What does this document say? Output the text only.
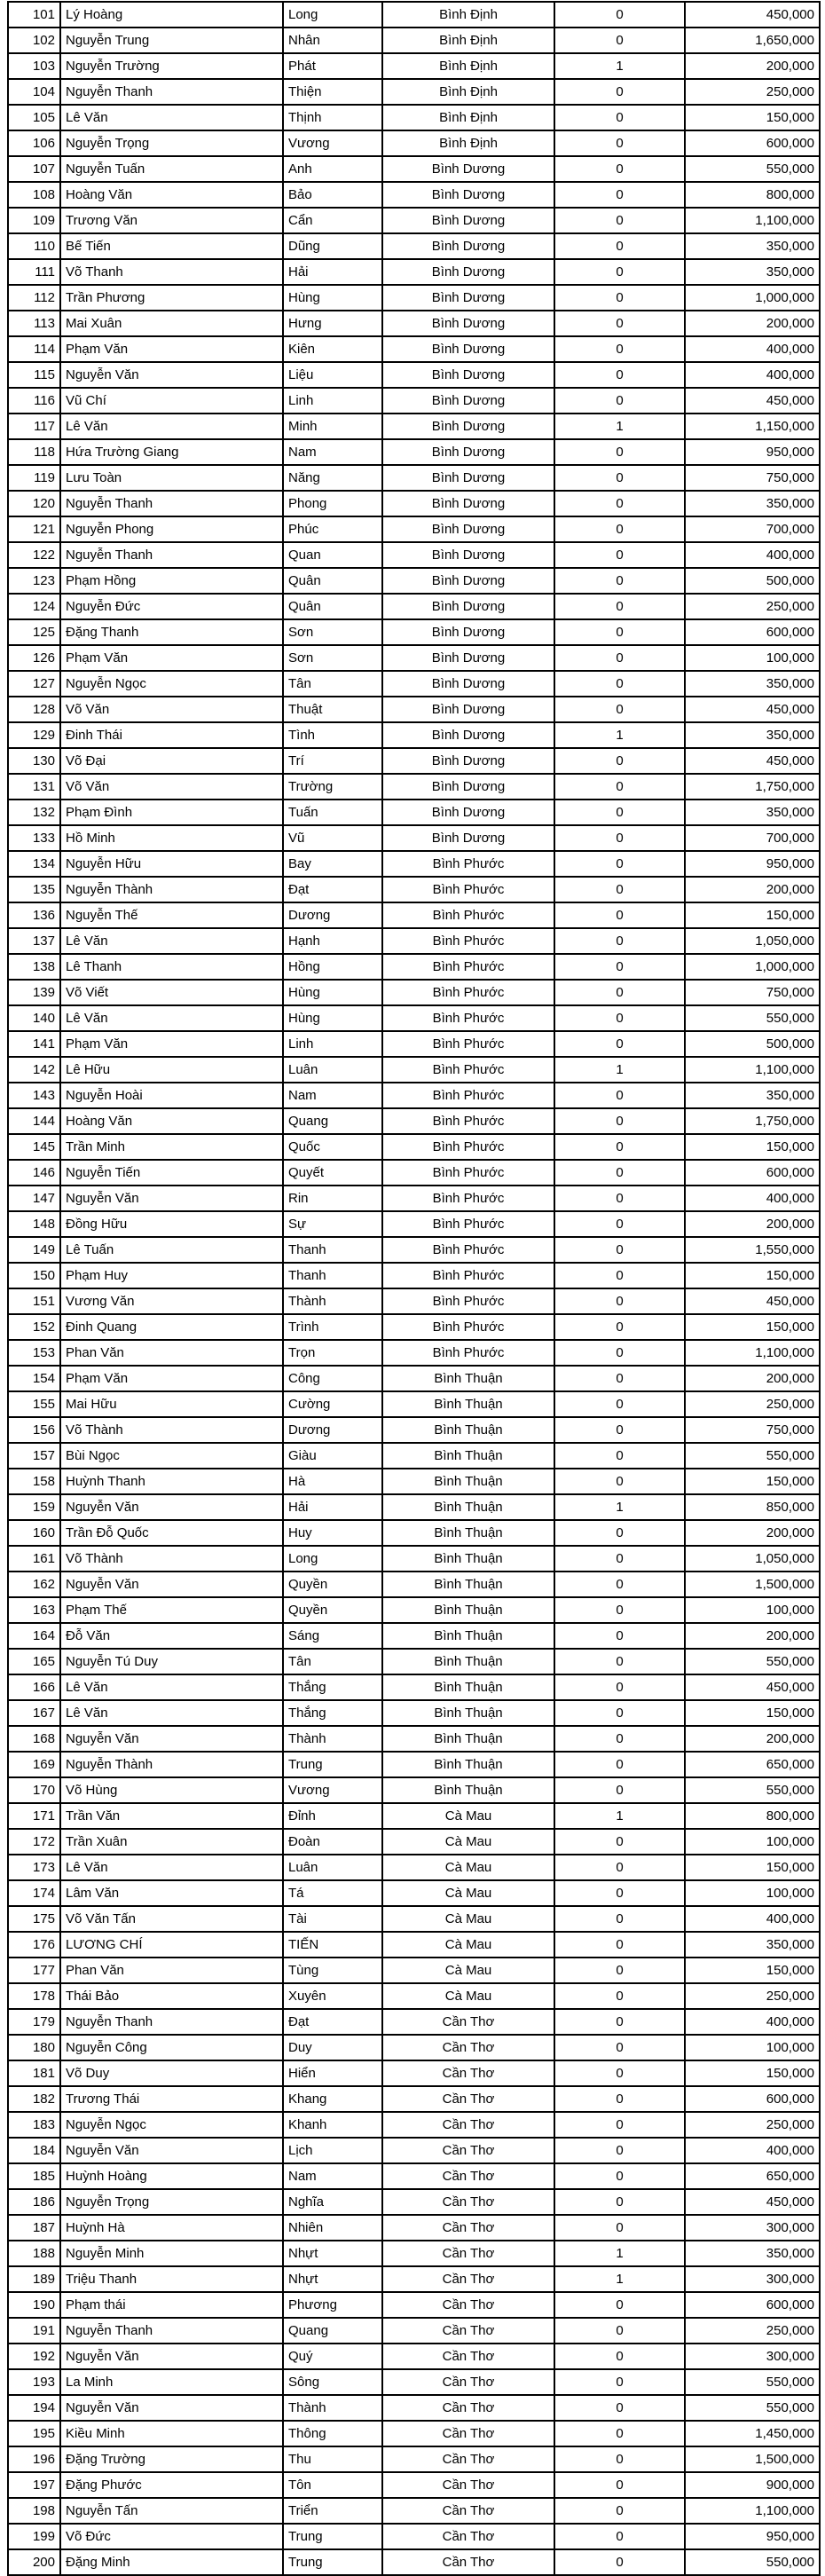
101	Lý Hoàng	Long	Bình Định	0	450,000
102	Nguyễn Trung	Nhân	Bình Định	0	1,650,000
103	Nguyễn Trường	Phát	Bình Định	1	200,000
104	Nguyễn Thanh	Thiện	Bình Định	0	250,000
105	Lê Văn	Thịnh	Bình Định	0	150,000
106	Nguyễn Trọng	Vương	Bình Định	0	600,000
107	Nguyễn Tuấn	Anh	Bình Dương	0	550,000
108	Hoàng Văn	Bảo	Bình Dương	0	800,000
109	Trương Văn	Cẩn	Bình Dương	0	1,100,000
110	Bế Tiến	Dũng	Bình Dương	0	350,000
111	Võ Thanh	Hải	Bình Dương	0	350,000
112	Trần Phương	Hùng	Bình Dương	0	1,000,000
113	Mai Xuân	Hưng	Bình Dương	0	200,000
114	Phạm Văn	Kiên	Bình Dương	0	400,000
115	Nguyễn Văn	Liệu	Bình Dương	0	400,000
116	Vũ Chí	Linh	Bình Dương	0	450,000
117	Lê Văn	Minh	Bình Dương	1	1,150,000
118	Hứa Trường Giang	Nam	Bình Dương	0	950,000
119	Lưu Toàn	Năng	Bình Dương	0	750,000
120	Nguyễn Thanh	Phong	Bình Dương	0	350,000
121	Nguyễn Phong	Phúc	Bình Dương	0	700,000
122	Nguyễn Thanh	Quan	Bình Dương	0	400,000
123	Phạm Hồng	Quân	Bình Dương	0	500,000
124	Nguyễn Đức	Quân	Bình Dương	0	250,000
125	Đặng Thanh	Sơn	Bình Dương	0	600,000
126	Phạm Văn	Sơn	Bình Dương	0	100,000
127	Nguyễn Ngọc	Tân	Bình Dương	0	350,000
128	Võ Văn	Thuật	Bình Dương	0	450,000
129	Đinh Thái	Tình	Bình Dương	1	350,000
130	Võ Đại	Trí	Bình Dương	0	450,000
131	Võ Văn	Trường	Bình Dương	0	1,750,000
132	Phạm Đình	Tuấn	Bình Dương	0	350,000
133	Hồ Minh	Vũ	Bình Dương	0	700,000
134	Nguyễn Hữu	Bay	Bình Phước	0	950,000
135	Nguyễn Thành	Đạt	Bình Phước	0	200,000
136	Nguyễn Thế	Dương	Bình Phước	0	150,000
137	Lê Văn	Hạnh	Bình Phước	0	1,050,000
138	Lê Thanh	Hồng	Bình Phước	0	1,000,000
139	Võ Viết	Hùng	Bình Phước	0	750,000
140	Lê Văn	Hùng	Bình Phước	0	550,000
141	Phạm Văn	Linh	Bình Phước	0	500,000
142	Lê Hữu	Luân	Bình Phước	1	1,100,000
143	Nguyễn Hoài	Nam	Bình Phước	0	350,000
144	Hoàng Văn	Quang	Bình Phước	0	1,750,000
145	Trần Minh	Quốc	Bình Phước	0	150,000
146	Nguyễn Tiến	Quyết	Bình Phước	0	600,000
147	Nguyễn Văn	Rin	Bình Phước	0	400,000
148	Đồng Hữu	Sự	Bình Phước	0	200,000
149	Lê Tuấn	Thanh	Bình Phước	0	1,550,000
150	Phạm Huy	Thanh	Bình Phước	0	150,000
151	Vương Văn	Thành	Bình Phước	0	450,000
152	Đinh Quang	Trình	Bình Phước	0	150,000
153	Phan Văn	Trọn	Bình Phước	0	1,100,000
154	Phạm Văn	Công	Bình Thuận	0	200,000
155	Mai Hữu	Cường	Bình Thuận	0	250,000
156	Võ Thành	Dương	Bình Thuận	0	750,000
157	Bùi Ngọc	Giàu	Bình Thuận	0	550,000
158	Huỳnh Thanh	Hà	Bình Thuận	0	150,000
159	Nguyễn Văn	Hải	Bình Thuận	1	850,000
160	Trần Đỗ Quốc	Huy	Bình Thuận	0	200,000
161	Võ Thành	Long	Bình Thuận	0	1,050,000
162	Nguyễn Văn	Quyền	Bình Thuận	0	1,500,000
163	Phạm Thế	Quyền	Bình Thuận	0	100,000
164	Đỗ Văn	Sáng	Bình Thuận	0	200,000
165	Nguyễn Tú Duy	Tân	Bình Thuận	0	550,000
166	Lê Văn	Thắng	Bình Thuận	0	450,000
167	Lê Văn	Thắng	Bình Thuận	0	150,000
168	Nguyễn Văn	Thành	Bình Thuận	0	200,000
169	Nguyễn Thành	Trung	Bình Thuận	0	650,000
170	Võ Hùng	Vương	Bình Thuận	0	550,000
171	Trần Văn	Đỉnh	Cà Mau	1	800,000
172	Trần Xuân	Đoàn	Cà Mau	0	100,000
173	Lê Văn	Luân	Cà Mau	0	150,000
174	Lâm Văn	Tá	Cà Mau	0	100,000
175	Võ Văn Tấn	Tài	Cà Mau	0	400,000
176	LƯƠNG CHÍ	TIẾN	Cà Mau	0	350,000
177	Phan Văn	Tùng	Cà Mau	0	150,000
178	Thái Bảo	Xuyên	Cà Mau	0	250,000
179	Nguyễn Thanh	Đạt	Cần Thơ	0	400,000
180	Nguyễn Công	Duy	Cần Thơ	0	100,000
181	Võ Duy	Hiển	Cần Thơ	0	150,000
182	Trương Thái	Khang	Cần Thơ	0	600,000
183	Nguyễn Ngọc	Khanh	Cần Thơ	0	250,000
184	Nguyễn Văn	Lịch	Cần Thơ	0	400,000
185	Huỳnh Hoàng	Nam	Cần Thơ	0	650,000
186	Nguyễn Trọng	Nghĩa	Cần Thơ	0	450,000
187	Huỳnh Hà	Nhiên	Cần Thơ	0	300,000
188	Nguyễn Minh	Nhựt	Cần Thơ	1	350,000
189	Triệu Thanh	Nhựt	Cần Thơ	1	300,000
190	Phạm thái	Phương	Cần Thơ	0	600,000
191	Nguyễn Thanh	Quang	Cần Thơ	0	250,000
192	Nguyễn Văn	Quý	Cần Thơ	0	300,000
193	La Minh	Sông	Cần Thơ	0	550,000
194	Nguyễn Văn	Thành	Cần Thơ	0	550,000
195	Kiều Minh	Thông	Cần Thơ	0	1,450,000
196	Đặng Trường	Thu	Cần Thơ	0	1,500,000
197	Đặng Phước	Tôn	Cần Thơ	0	900,000
198	Nguyễn Tấn	Triển	Cần Thơ	0	1,100,000
199	Võ Đức	Trung	Cần Thơ	0	950,000
200	Đặng Minh	Trung	Cần Thơ	0	550,000
